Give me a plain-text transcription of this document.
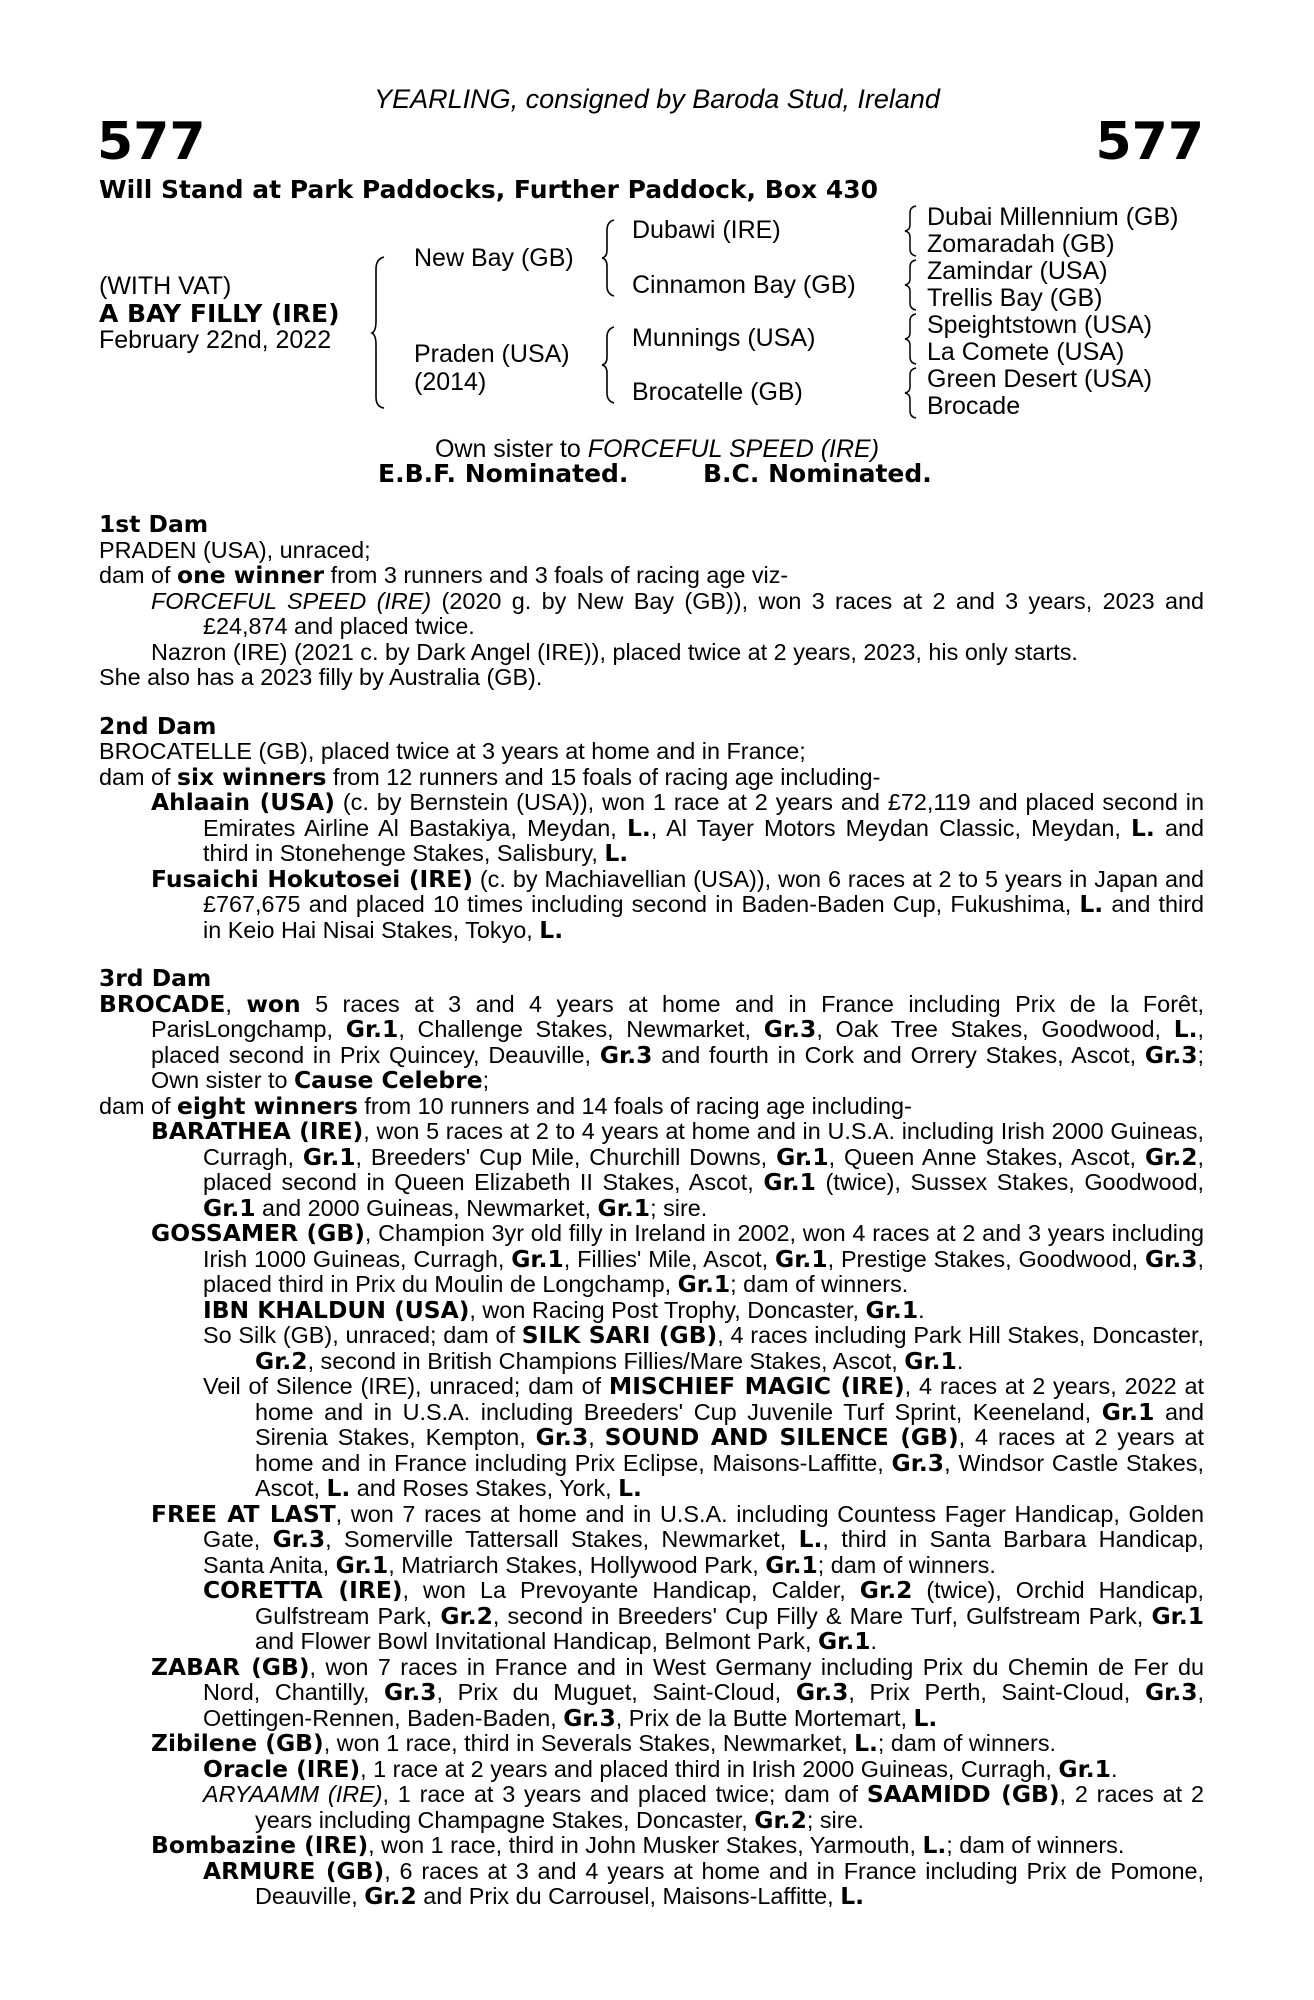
YEARLING, consigned by Baroda Stud, Ireland
577	577
Will Stand at Park Paddocks, Further Paddock, Box 430
(WITH VAT)
A BAY FILLY (IRE)
February 22nd, 2022
New Bay (GB)
Praden (USA)
(2014)
Dubawi (IRE)
Cinnamon Bay (GB)
Munnings (USA)
Brocatelle (GB)
Dubai Millennium (GB)
Zomaradah (GB)
Zamindar (USA)
Trellis Bay (GB)
Speightstown (USA)
La Comete (USA)
Green Desert (USA)
Brocade
Own sister to FORCEFUL SPEED (IRE)
E.B.F. Nominated.	B.C. Nominated.
1st Dam
PRADEN (USA), unraced;
dam of one winner from 3 runners and 3 foals of racing age viz-
FORCEFUL SPEED (IRE) (2020 g. by New Bay (GB)), won 3 races at 2 and 3 years, 2023 and £24,874 and placed twice.
Nazron (IRE) (2021 c. by Dark Angel (IRE)), placed twice at 2 years, 2023, his only starts.
She also has a 2023 filly by Australia (GB).
2nd Dam
BROCATELLE (GB), placed twice at 3 years at home and in France;
dam of six winners from 12 runners and 15 foals of racing age including-
Ahlaain (USA) (c. by Bernstein (USA)), won 1 race at 2 years and £72,119 and placed second in Emirates Airline Al Bastakiya, Meydan, L., Al Tayer Motors Meydan Classic, Meydan, L. and third in Stonehenge Stakes, Salisbury, L.
Fusaichi Hokutosei (IRE) (c. by Machiavellian (USA)), won 6 races at 2 to 5 years in Japan and £767,675 and placed 10 times including second in Baden-Baden Cup, Fukushima, L. and third in Keio Hai Nisai Stakes, Tokyo, L.
3rd Dam
BROCADE, won 5 races at 3 and 4 years at home and in France including Prix de la Forêt, ParisLongchamp, Gr.1, Challenge Stakes, Newmarket, Gr.3, Oak Tree Stakes, Goodwood, L., placed second in Prix Quincey, Deauville, Gr.3 and fourth in Cork and Orrery Stakes, Ascot, Gr.3; Own sister to Cause Celebre;
dam of eight winners from 10 runners and 14 foals of racing age including-
BARATHEA (IRE), won 5 races at 2 to 4 years at home and in U.S.A. including Irish 2000 Guineas, Curragh, Gr.1, Breeders' Cup Mile, Churchill Downs, Gr.1, Queen Anne Stakes, Ascot, Gr.2, placed second in Queen Elizabeth II Stakes, Ascot, Gr.1 (twice), Sussex Stakes, Goodwood, Gr.1 and 2000 Guineas, Newmarket, Gr.1; sire.
GOSSAMER (GB), Champion 3yr old filly in Ireland in 2002, won 4 races at 2 and 3 years including Irish 1000 Guineas, Curragh, Gr.1, Fillies' Mile, Ascot, Gr.1, Prestige Stakes, Goodwood, Gr.3, placed third in Prix du Moulin de Longchamp, Gr.1; dam of winners.
IBN KHALDUN (USA), won Racing Post Trophy, Doncaster, Gr.1.
So Silk (GB), unraced; dam of SILK SARI (GB), 4 races including Park Hill Stakes, Doncaster, Gr.2, second in British Champions Fillies/Mare Stakes, Ascot, Gr.1.
Veil of Silence (IRE), unraced; dam of MISCHIEF MAGIC (IRE), 4 races at 2 years, 2022 at home and in U.S.A. including Breeders' Cup Juvenile Turf Sprint, Keeneland, Gr.1 and Sirenia Stakes, Kempton, Gr.3, SOUND AND SILENCE (GB), 4 races at 2 years at home and in France including Prix Eclipse, Maisons-Laffitte, Gr.3, Windsor Castle Stakes, Ascot, L. and Roses Stakes, York, L.
FREE AT LAST, won 7 races at home and in U.S.A. including Countess Fager Handicap, Golden Gate, Gr.3, Somerville Tattersall Stakes, Newmarket, L., third in Santa Barbara Handicap, Santa Anita, Gr.1, Matriarch Stakes, Hollywood Park, Gr.1; dam of winners.
CORETTA (IRE), won La Prevoyante Handicap, Calder, Gr.2 (twice), Orchid Handicap, Gulfstream Park, Gr.2, second in Breeders' Cup Filly & Mare Turf, Gulfstream Park, Gr.1 and Flower Bowl Invitational Handicap, Belmont Park, Gr.1.
ZABAR (GB), won 7 races in France and in West Germany including Prix du Chemin de Fer du Nord, Chantilly, Gr.3, Prix du Muguet, Saint-Cloud, Gr.3, Prix Perth, Saint-Cloud, Gr.3, Oettingen-Rennen, Baden-Baden, Gr.3, Prix de la Butte Mortemart, L.
Zibilene (GB), won 1 race, third in Severals Stakes, Newmarket, L.; dam of winners.
Oracle (IRE), 1 race at 2 years and placed third in Irish 2000 Guineas, Curragh, Gr.1.
ARYAAMM (IRE), 1 race at 3 years and placed twice; dam of SAAMIDD (GB), 2 races at 2 years including Champagne Stakes, Doncaster, Gr.2; sire.
Bombazine (IRE), won 1 race, third in John Musker Stakes, Yarmouth, L.; dam of winners.
ARMURE (GB), 6 races at 3 and 4 years at home and in France including Prix de Pomone, Deauville, Gr.2 and Prix du Carrousel, Maisons-Laffitte, L.
